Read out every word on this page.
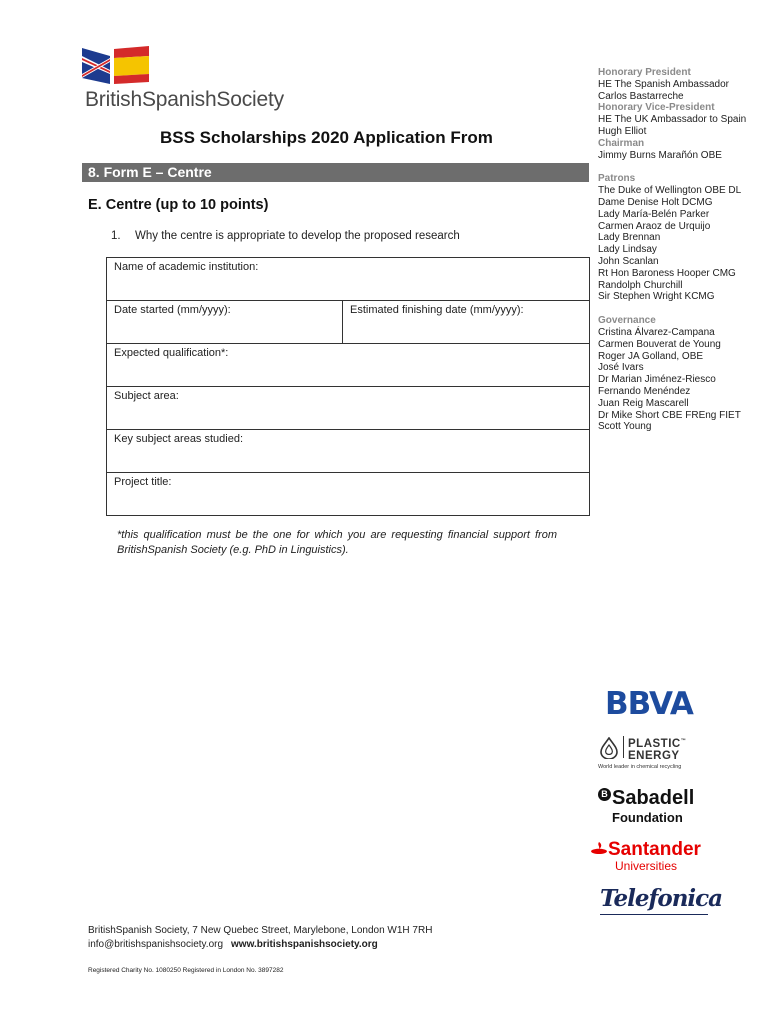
BritishSpanishSociety
BSS Scholarships 2020 Application From
8. Form E – Centre
E. Centre (up to 10 points)
1. Why the centre is appropriate to develop the proposed research
Name of academic institution:
Date started (mm/yyyy):	Estimated finishing date (mm/yyyy):
Expected qualification*:
Subject area:
Key subject areas studied:
Project title:
*this qualification must be the one for which you are requesting financial support from BritishSpanish Society (e.g. PhD in Linguistics).
Honorary President
HE The Spanish Ambassador
Carlos Bastarreche
Honorary Vice-President
HE The UK Ambassador to Spain
Hugh Elliot
Chairman
Jimmy Burns Marañón OBE
Patrons
The Duke of Wellington OBE DL
Dame Denise Holt DCMG
Lady María-Belén Parker
Carmen Araoz de Urquijo
Lady Brennan
Lady Lindsay
John Scanlan
Rt Hon Baroness Hooper CMG
Randolph Churchill
Sir Stephen Wright KCMG
Governance
Cristina Álvarez-Campana
Carmen Bouverat de Young
Roger JA Golland, OBE
José Ivars
Dr Marian Jiménez-Riesco
Fernando Menéndez
Juan Reig Mascarell
Dr Mike Short CBE FREng FIET
Scott Young
BBVA
PLASTIC™
ENERGY
World leader in chemical recycling
B Sabadell
Foundation
Santander
Universities
Telefonica
BritishSpanish Society, 7 New Quebec Street, Marylebone, London W1H 7RH
info@britishspanishsociety.org www.britishspanishsociety.org
Registered Charity No. 1080250 Registered in London No. 3897282
